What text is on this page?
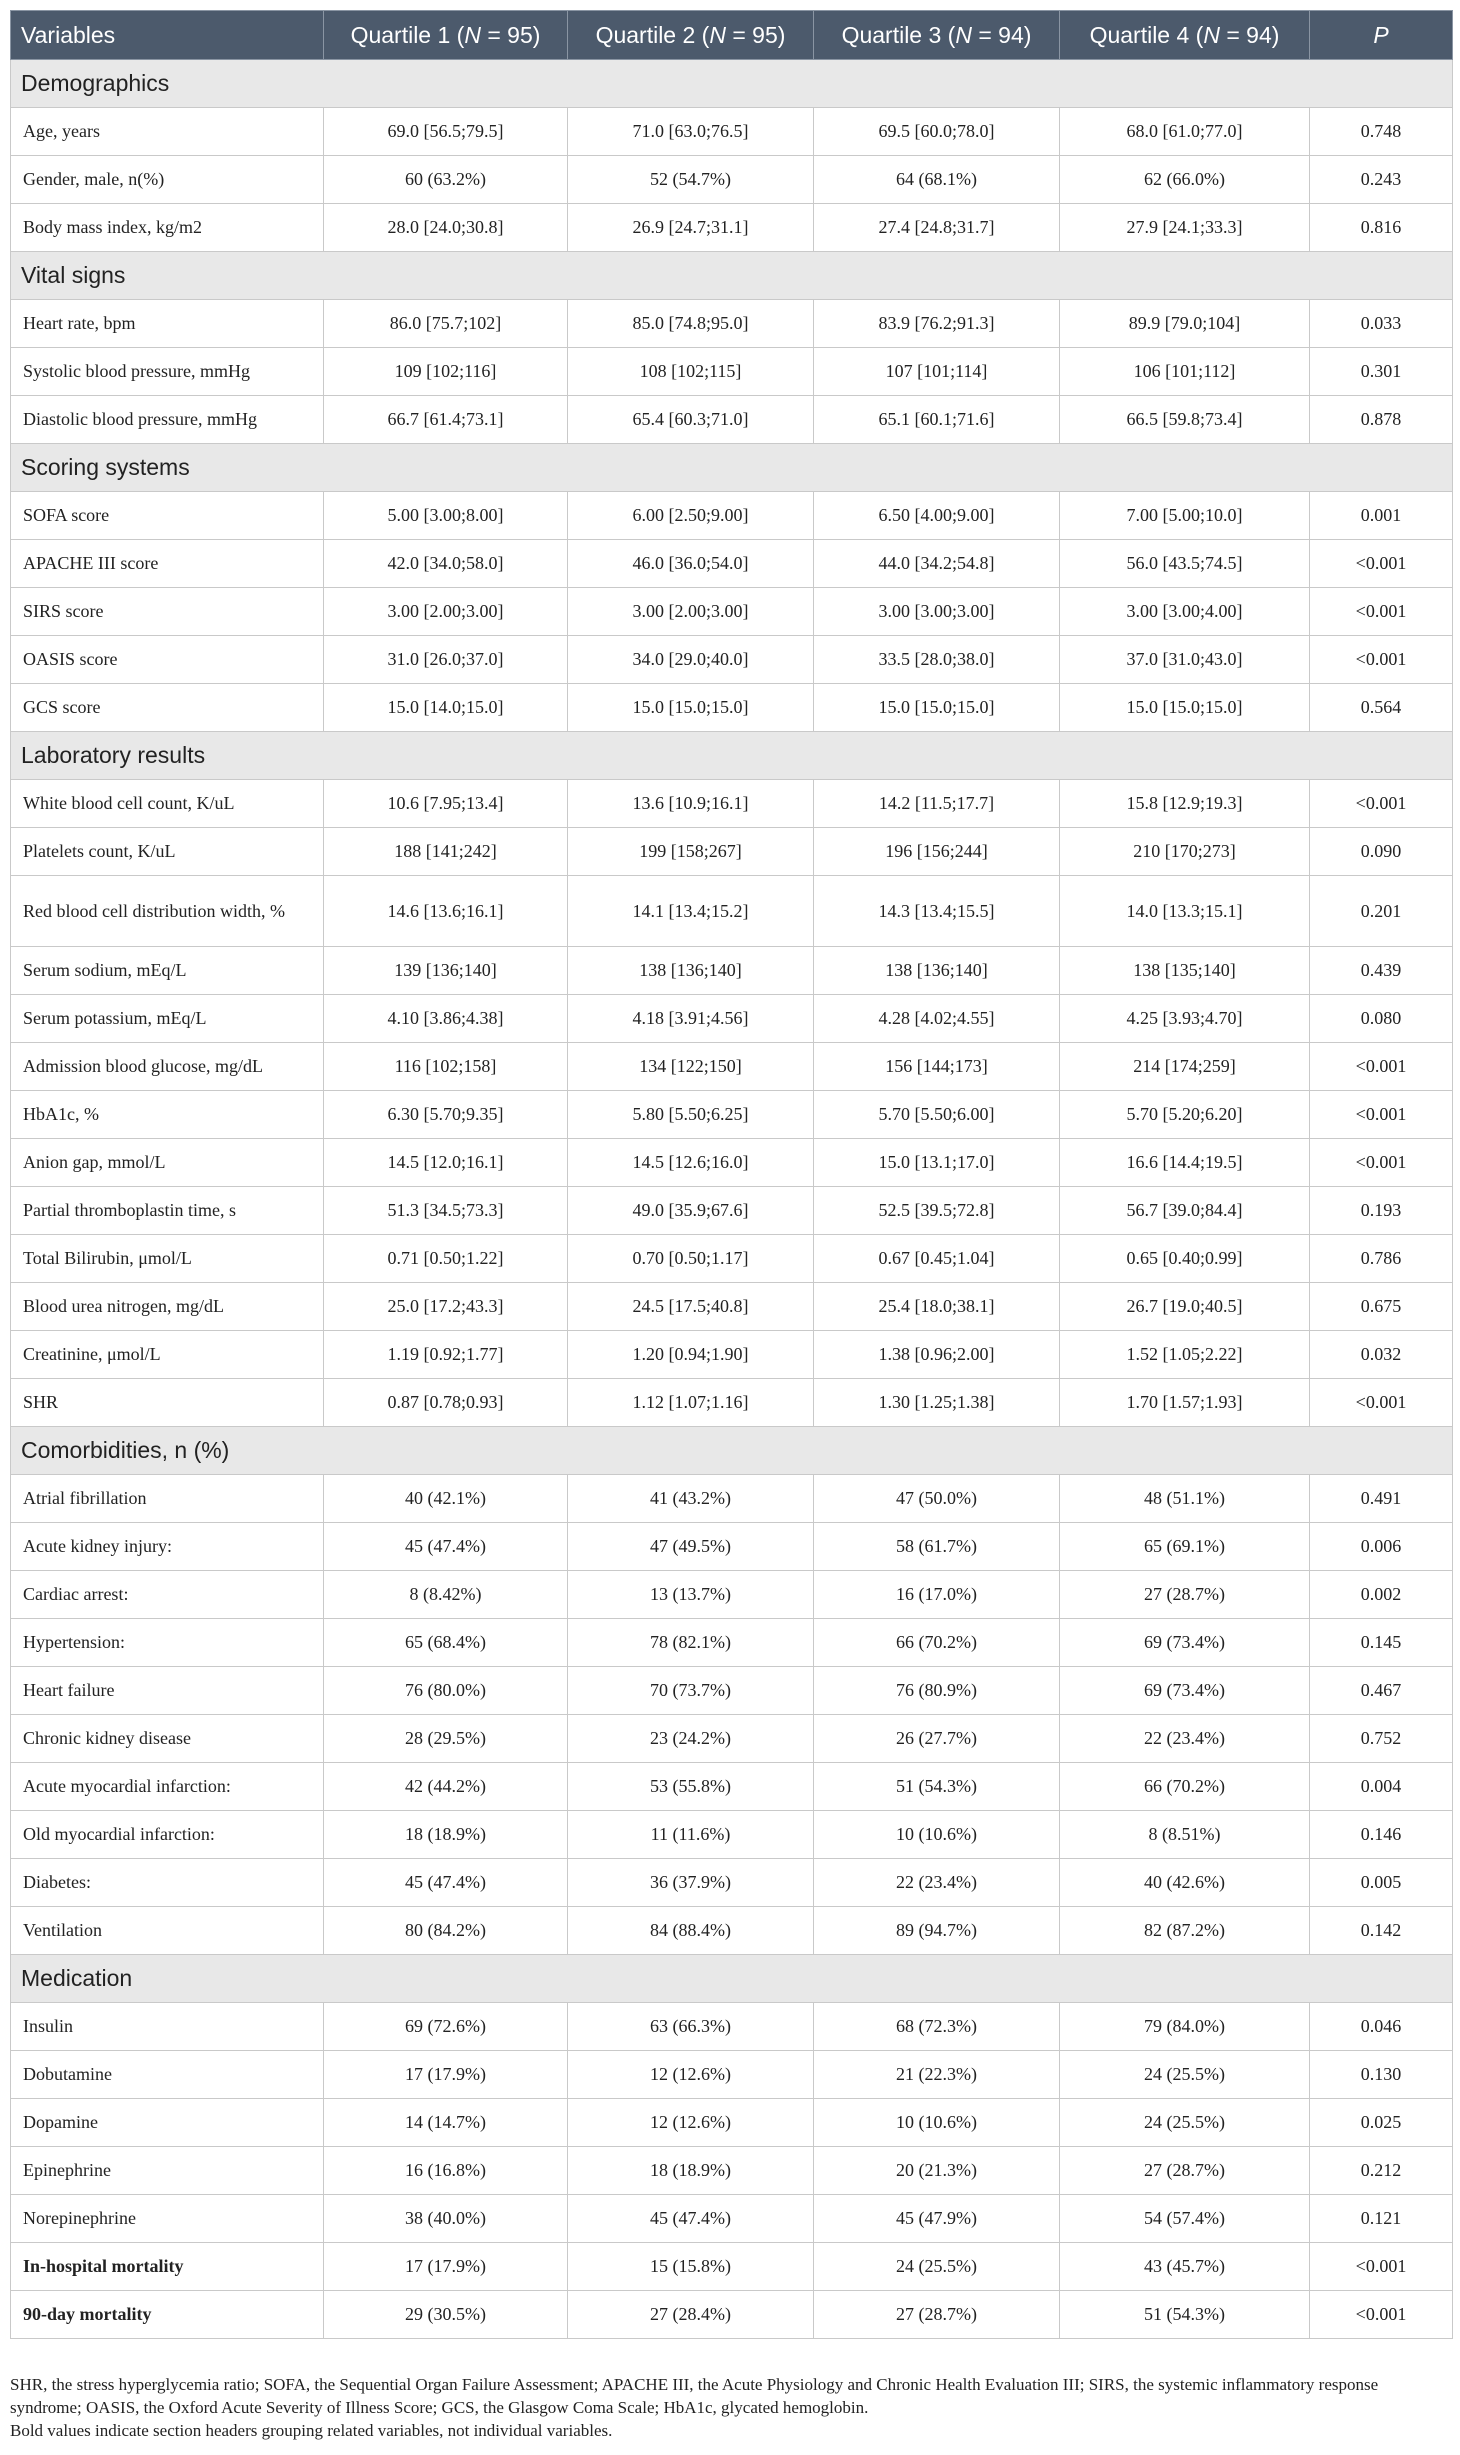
Variables	Quartile 1 (N = 95)	Quartile 2 (N = 95)	Quartile 3 (N = 94)	Quartile 4 (N = 94)	P
Demographics					
Age, years	69.0 [56.5;79.5]	71.0 [63.0;76.5]	69.5 [60.0;78.0]	68.0 [61.0;77.0]	0.748
Gender, male, n(%)	60 (63.2%)	52 (54.7%)	64 (68.1%)	62 (66.0%)	0.243
Body mass index, kg/m2	28.0 [24.0;30.8]	26.9 [24.7;31.1]	27.4 [24.8;31.7]	27.9 [24.1;33.3]	0.816
Vital signs					
Heart rate, bpm	86.0 [75.7;102]	85.0 [74.8;95.0]	83.9 [76.2;91.3]	89.9 [79.0;104]	0.033
Systolic blood pressure, mmHg	109 [102;116]	108 [102;115]	107 [101;114]	106 [101;112]	0.301
Diastolic blood pressure, mmHg	66.7 [61.4;73.1]	65.4 [60.3;71.0]	65.1 [60.1;71.6]	66.5 [59.8;73.4]	0.878
Scoring systems					
SOFA score	5.00 [3.00;8.00]	6.00 [2.50;9.00]	6.50 [4.00;9.00]	7.00 [5.00;10.0]	0.001
APACHE III score	42.0 [34.0;58.0]	46.0 [36.0;54.0]	44.0 [34.2;54.8]	56.0 [43.5;74.5]	<0.001
SIRS score	3.00 [2.00;3.00]	3.00 [2.00;3.00]	3.00 [3.00;3.00]	3.00 [3.00;4.00]	<0.001
OASIS score	31.0 [26.0;37.0]	34.0 [29.0;40.0]	33.5 [28.0;38.0]	37.0 [31.0;43.0]	<0.001
GCS score	15.0 [14.0;15.0]	15.0 [15.0;15.0]	15.0 [15.0;15.0]	15.0 [15.0;15.0]	0.564
Laboratory results					
White blood cell count, K/uL	10.6 [7.95;13.4]	13.6 [10.9;16.1]	14.2 [11.5;17.7]	15.8 [12.9;19.3]	<0.001
Platelets count, K/uL	188 [141;242]	199 [158;267]	196 [156;244]	210 [170;273]	0.090
Red blood cell distribution width, %	14.6 [13.6;16.1]	14.1 [13.4;15.2]	14.3 [13.4;15.5]	14.0 [13.3;15.1]	0.201
Serum sodium, mEq/L	139 [136;140]	138 [136;140]	138 [136;140]	138 [135;140]	0.439
Serum potassium, mEq/L	4.10 [3.86;4.38]	4.18 [3.91;4.56]	4.28 [4.02;4.55]	4.25 [3.93;4.70]	0.080
Admission blood glucose, mg/dL	116 [102;158]	134 [122;150]	156 [144;173]	214 [174;259]	<0.001
HbA1c, %	6.30 [5.70;9.35]	5.80 [5.50;6.25]	5.70 [5.50;6.00]	5.70 [5.20;6.20]	<0.001
Anion gap, mmol/L	14.5 [12.0;16.1]	14.5 [12.6;16.0]	15.0 [13.1;17.0]	16.6 [14.4;19.5]	<0.001
Partial thromboplastin time, s	51.3 [34.5;73.3]	49.0 [35.9;67.6]	52.5 [39.5;72.8]	56.7 [39.0;84.4]	0.193
Total Bilirubin, μmol/L	0.71 [0.50;1.22]	0.70 [0.50;1.17]	0.67 [0.45;1.04]	0.65 [0.40;0.99]	0.786
Blood urea nitrogen, mg/dL	25.0 [17.2;43.3]	24.5 [17.5;40.8]	25.4 [18.0;38.1]	26.7 [19.0;40.5]	0.675
Creatinine, μmol/L	1.19 [0.92;1.77]	1.20 [0.94;1.90]	1.38 [0.96;2.00]	1.52 [1.05;2.22]	0.032
SHR	0.87 [0.78;0.93]	1.12 [1.07;1.16]	1.30 [1.25;1.38]	1.70 [1.57;1.93]	<0.001
Comorbidities, n (%)					
Atrial fibrillation	40 (42.1%)	41 (43.2%)	47 (50.0%)	48 (51.1%)	0.491
Acute kidney injury:	45 (47.4%)	47 (49.5%)	58 (61.7%)	65 (69.1%)	0.006
Cardiac arrest:	8 (8.42%)	13 (13.7%)	16 (17.0%)	27 (28.7%)	0.002
Hypertension:	65 (68.4%)	78 (82.1%)	66 (70.2%)	69 (73.4%)	0.145
Heart failure	76 (80.0%)	70 (73.7%)	76 (80.9%)	69 (73.4%)	0.467
Chronic kidney disease	28 (29.5%)	23 (24.2%)	26 (27.7%)	22 (23.4%)	0.752
Acute myocardial infarction:	42 (44.2%)	53 (55.8%)	51 (54.3%)	66 (70.2%)	0.004
Old myocardial infarction:	18 (18.9%)	11 (11.6%)	10 (10.6%)	8 (8.51%)	0.146
Diabetes:	45 (47.4%)	36 (37.9%)	22 (23.4%)	40 (42.6%)	0.005
Ventilation	80 (84.2%)	84 (88.4%)	89 (94.7%)	82 (87.2%)	0.142
Medication					
Insulin	69 (72.6%)	63 (66.3%)	68 (72.3%)	79 (84.0%)	0.046
Dobutamine	17 (17.9%)	12 (12.6%)	21 (22.3%)	24 (25.5%)	0.130
Dopamine	14 (14.7%)	12 (12.6%)	10 (10.6%)	24 (25.5%)	0.025
Epinephrine	16 (16.8%)	18 (18.9%)	20 (21.3%)	27 (28.7%)	0.212
Norepinephrine	38 (40.0%)	45 (47.4%)	45 (47.9%)	54 (57.4%)	0.121
In-hospital mortality	17 (17.9%)	15 (15.8%)	24 (25.5%)	43 (45.7%)	<0.001
90-day mortality	29 (30.5%)	27 (28.4%)	27 (28.7%)	51 (54.3%)	<0.001

SHR, the stress hyperglycemia ratio; SOFA, the Sequential Organ Failure Assessment; APACHE III, the Acute Physiology and Chronic Health Evaluation III; SIRS, the systemic inflammatory response syndrome; OASIS, the Oxford Acute Severity of Illness Score; GCS, the Glasgow Coma Scale; HbA1c, glycated hemoglobin.

Bold values indicate section headers grouping related variables, not individual variables.
